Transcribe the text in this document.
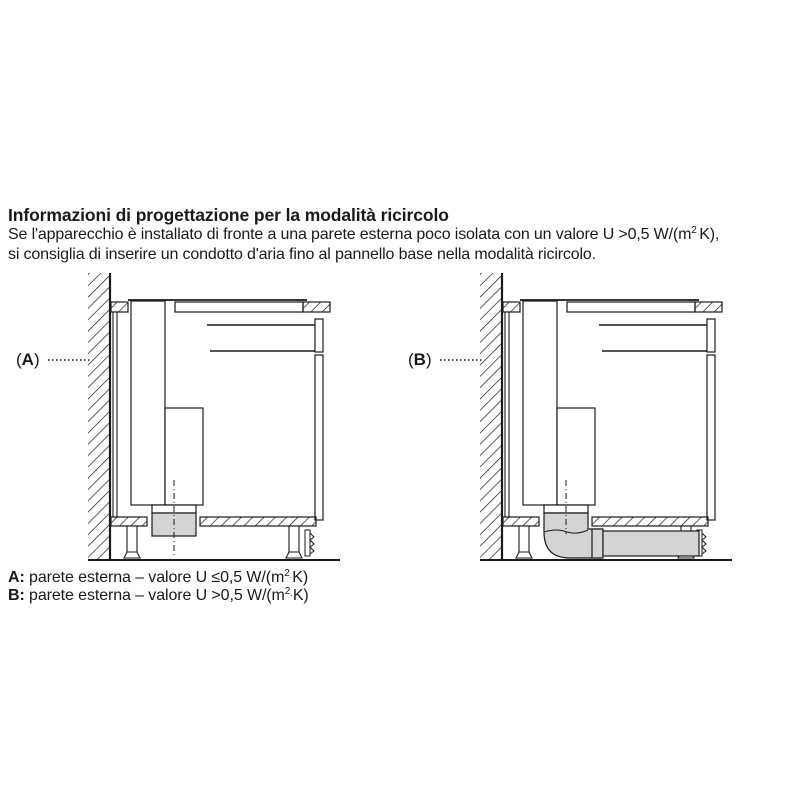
Informazioni di progettazione per la modalità ricircolo
Se l'apparecchio è installato di fronte a una parete esterna poco isolata con un valore U >0,5 $W/(m^2\cdot K)$,
si consiglia di inserire un condotto d'aria fino al pannello base nella modalità ricircolo.
(A)	(B)
A: parete esterna – valore U ≤0,5 $W/(m^2\cdot K)$
B: parete esterna – valore U >0,5 $W/(m^2\cdot K)$
